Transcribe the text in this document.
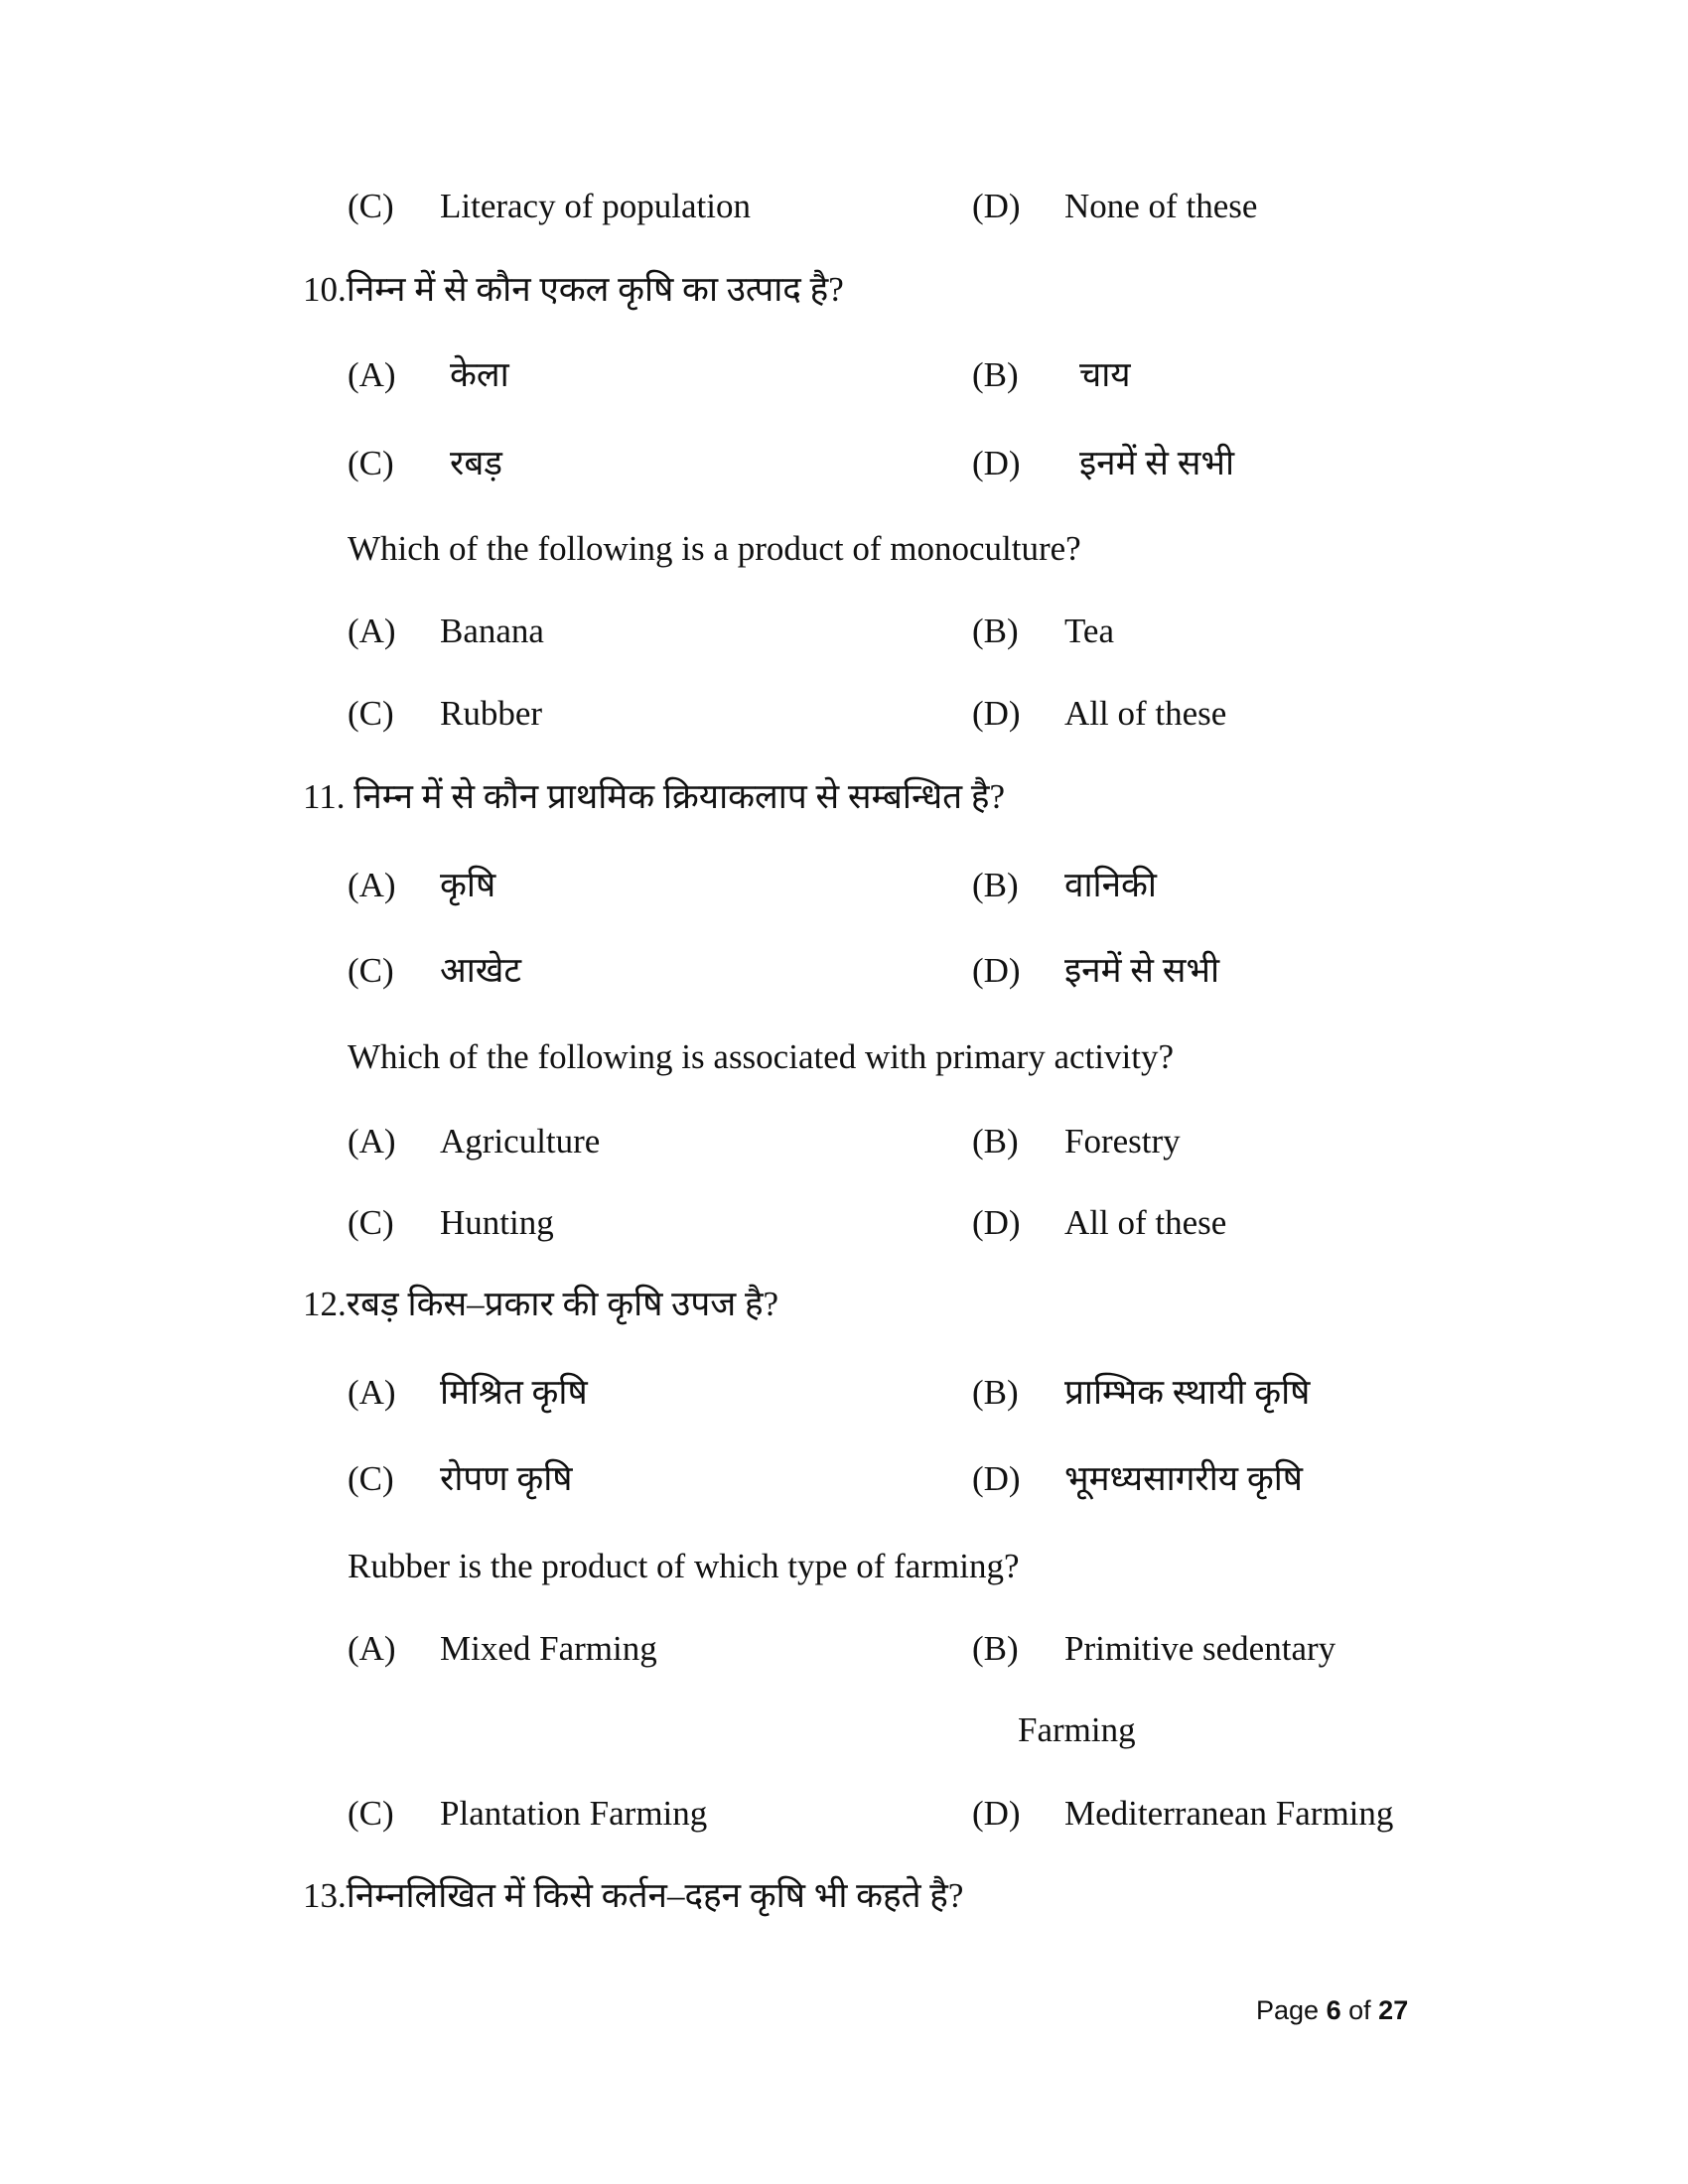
(C) Literacy of population	(D) None of these
10.निम्न में से कौन एकल कृषि का उत्पाद है?
(A) केला	(B) चाय
(C) रबड़	(D) इनमें से सभी
Which of the following is a product of monoculture?
(A) Banana	(B) Tea
(C) Rubber	(D) All of these
11. निम्न में से कौन प्राथमिक क्रियाकलाप से सम्बन्धित है?
(A) कृषि	(B) वानिकी
(C) आखेट	(D) इनमें से सभी
Which of the following is associated with primary activity?
(A) Agriculture	(B) Forestry
(C) Hunting	(D) All of these
12.रबड़ किस–प्रकार की कृषि उपज है?
(A) मिश्रित कृषि	(B) प्राम्भिक स्थायी कृषि
(C) रोपण कृषि	(D) भूमध्यसागरीय कृषि
Rubber is the product of which type of farming?
(A) Mixed Farming	(B) Primitive sedentary
Farming
(C) Plantation Farming	(D) Mediterranean Farming
13.निम्नलिखित में किसे कर्तन–दहन कृषि भी कहते है?
Page 6 of 27
